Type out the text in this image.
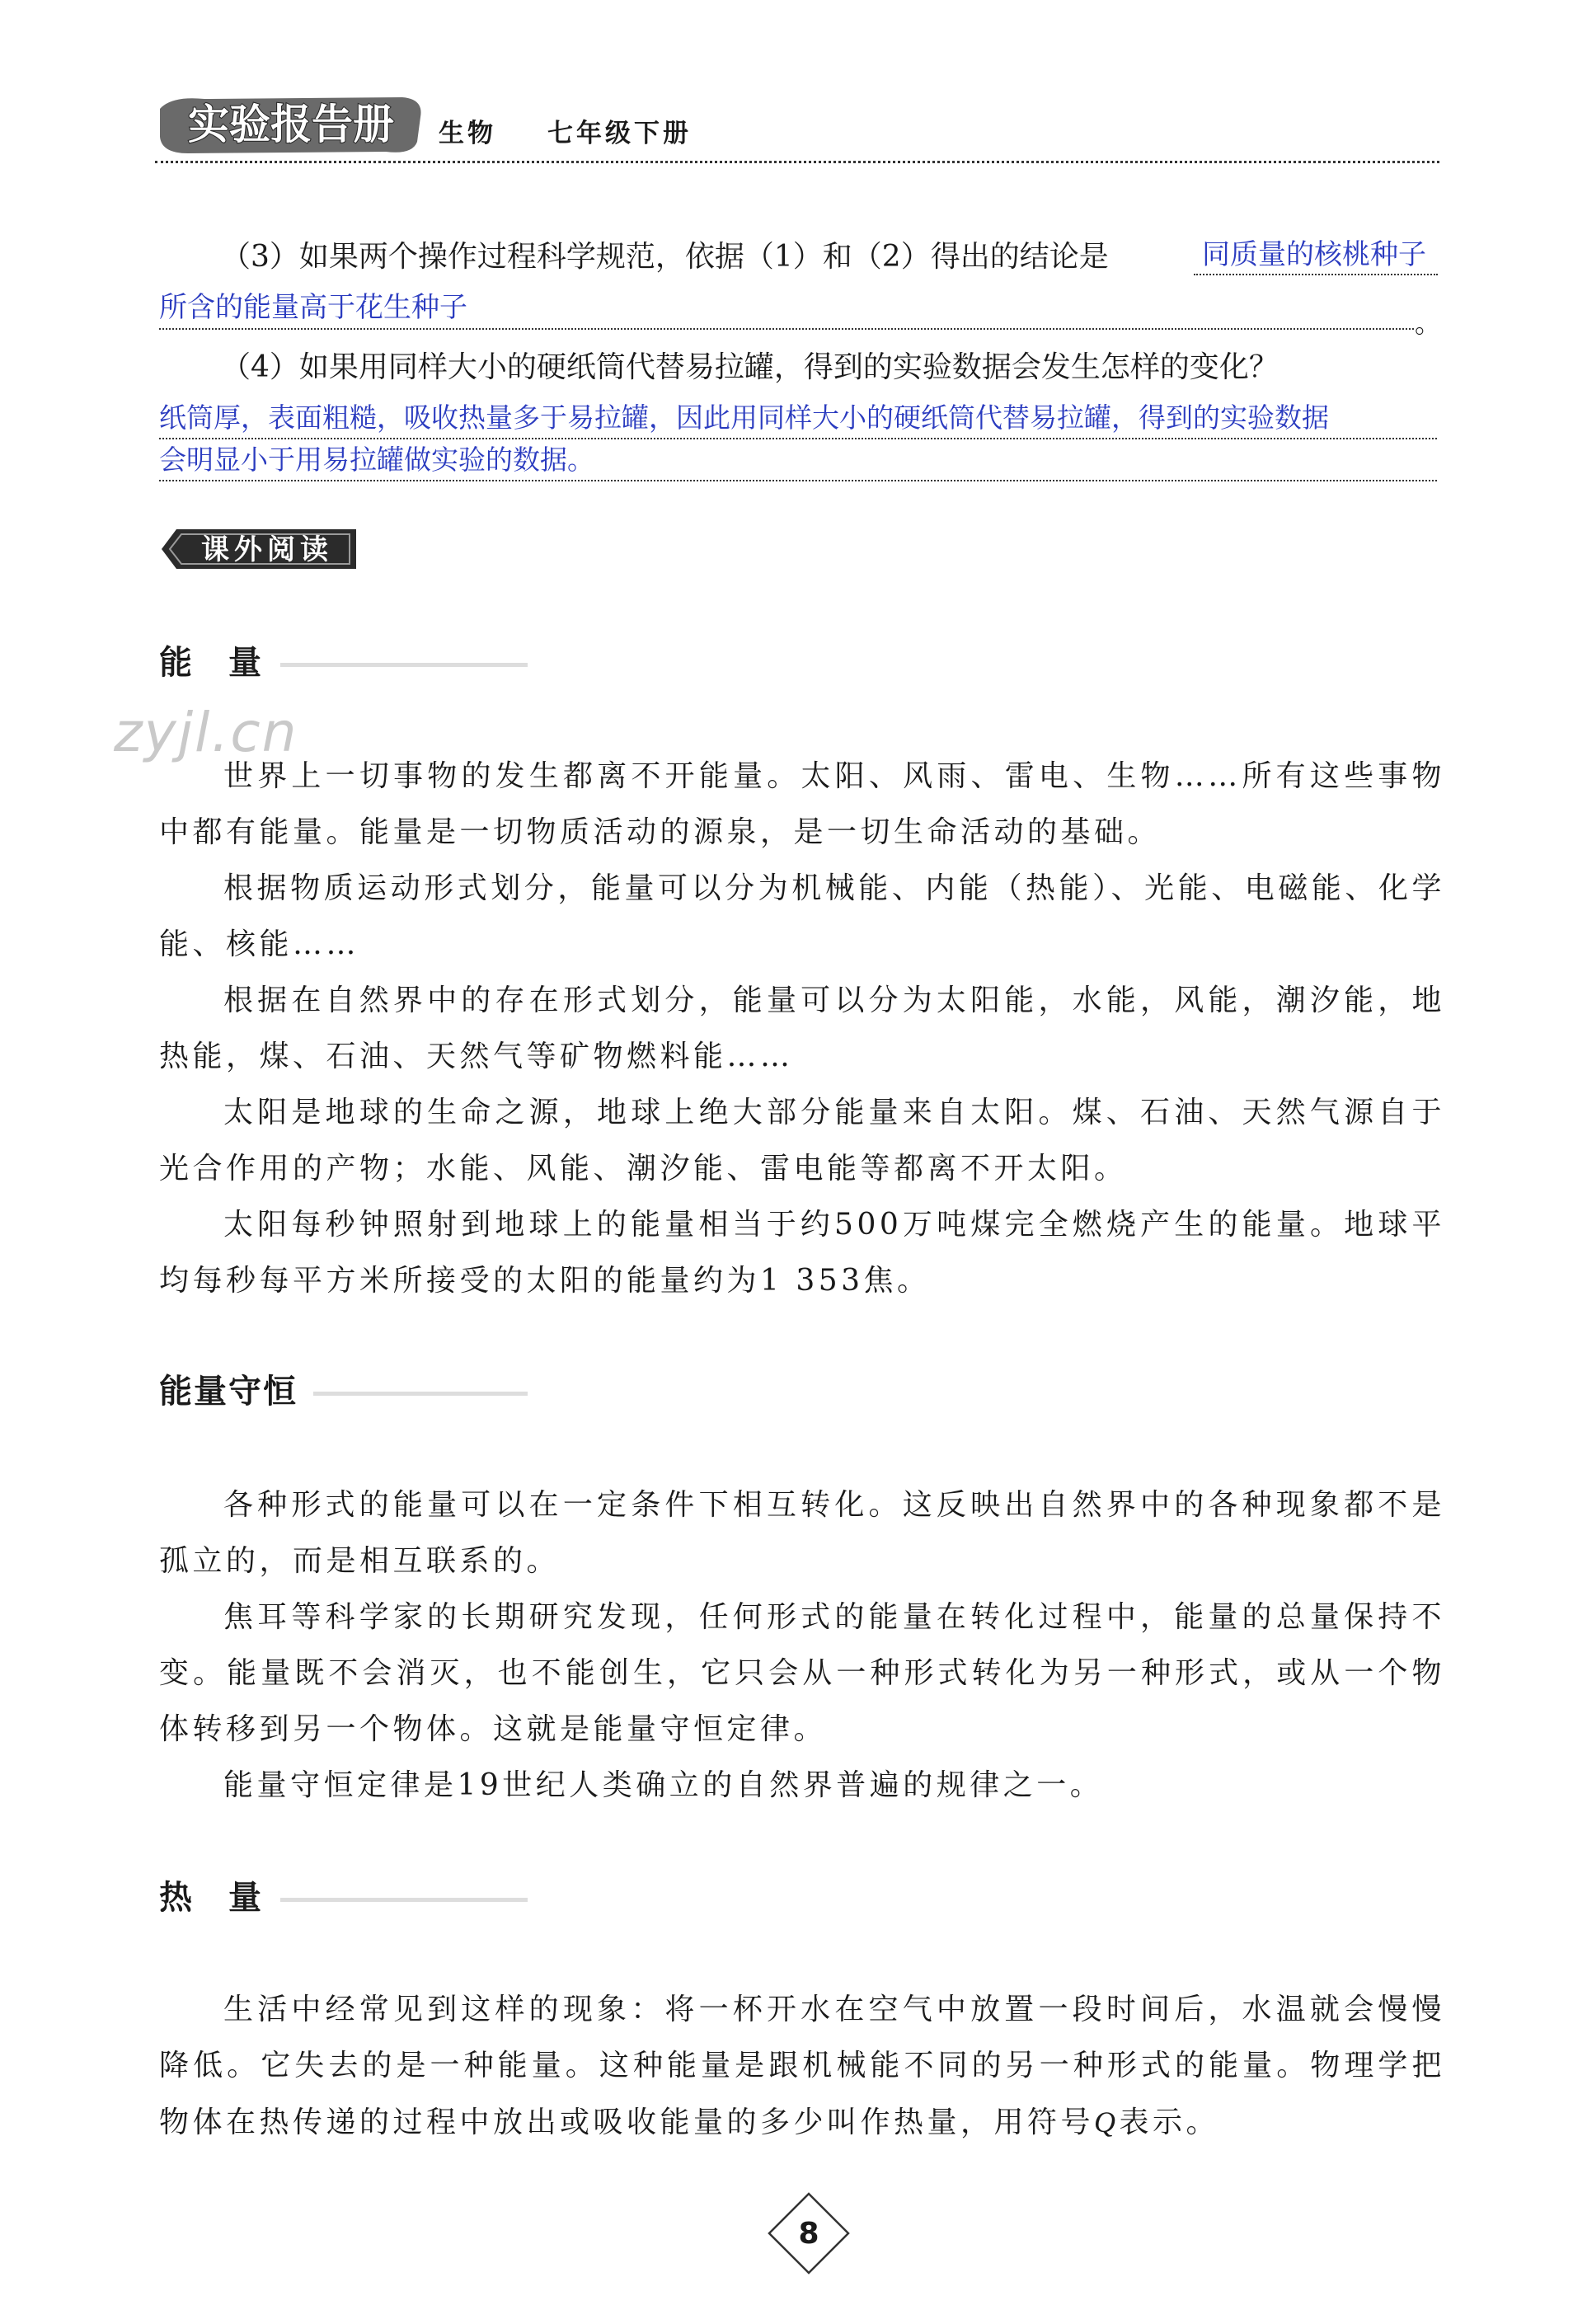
实验报告册 生物 七年级下册
（3）如果两个操作过程科学规范，依据（1）和（2）得出的结论是	同质量的核桃种子
所含的能量高于花生种子	。
（4）如果用同样大小的硬纸筒代替易拉罐，得到的实验数据会发生怎样的变化？
纸筒厚，表面粗糙，吸收热量多于易拉罐，因此用同样大小的硬纸筒代替易拉罐，得到的实验数据
会明显小于用易拉罐做实验的数据。
课外阅读
zyjl.cn
能　量
世界上一切事物的发生都离不开能量。太阳、风雨、雷电、生物……所有这些事物中都有能量。能量是一切物质活动的源泉，是一切生命活动的基础。
根据物质运动形式划分，能量可以分为机械能、内能（热能）、光能、电磁能、化学能、核能……
根据在自然界中的存在形式划分，能量可以分为太阳能，水能，风能，潮汐能，地热能，煤、石油、天然气等矿物燃料能……
太阳是地球的生命之源，地球上绝大部分能量来自太阳。煤、石油、天然气源自于光合作用的产物；水能、风能、潮汐能、雷电能等都离不开太阳。
太阳每秒钟照射到地球上的能量相当于约500万吨煤完全燃烧产生的能量。地球平均每秒每平方米所接受的太阳的能量约为1 353焦。
能量守恒
各种形式的能量可以在一定条件下相互转化。这反映出自然界中的各种现象都不是孤立的，而是相互联系的。
焦耳等科学家的长期研究发现，任何形式的能量在转化过程中，能量的总量保持不变。能量既不会消灭，也不能创生，它只会从一种形式转化为另一种形式，或从一个物体转移到另一个物体。这就是能量守恒定律。
能量守恒定律是19世纪人类确立的自然界普遍的规律之一。
热　量
生活中经常见到这样的现象：将一杯开水在空气中放置一段时间后，水温就会慢慢降低。它失去的是一种能量。这种能量是跟机械能不同的另一种形式的能量。物理学把物体在热传递的过程中放出或吸收能量的多少叫作热量，用符号Q表示。
8
